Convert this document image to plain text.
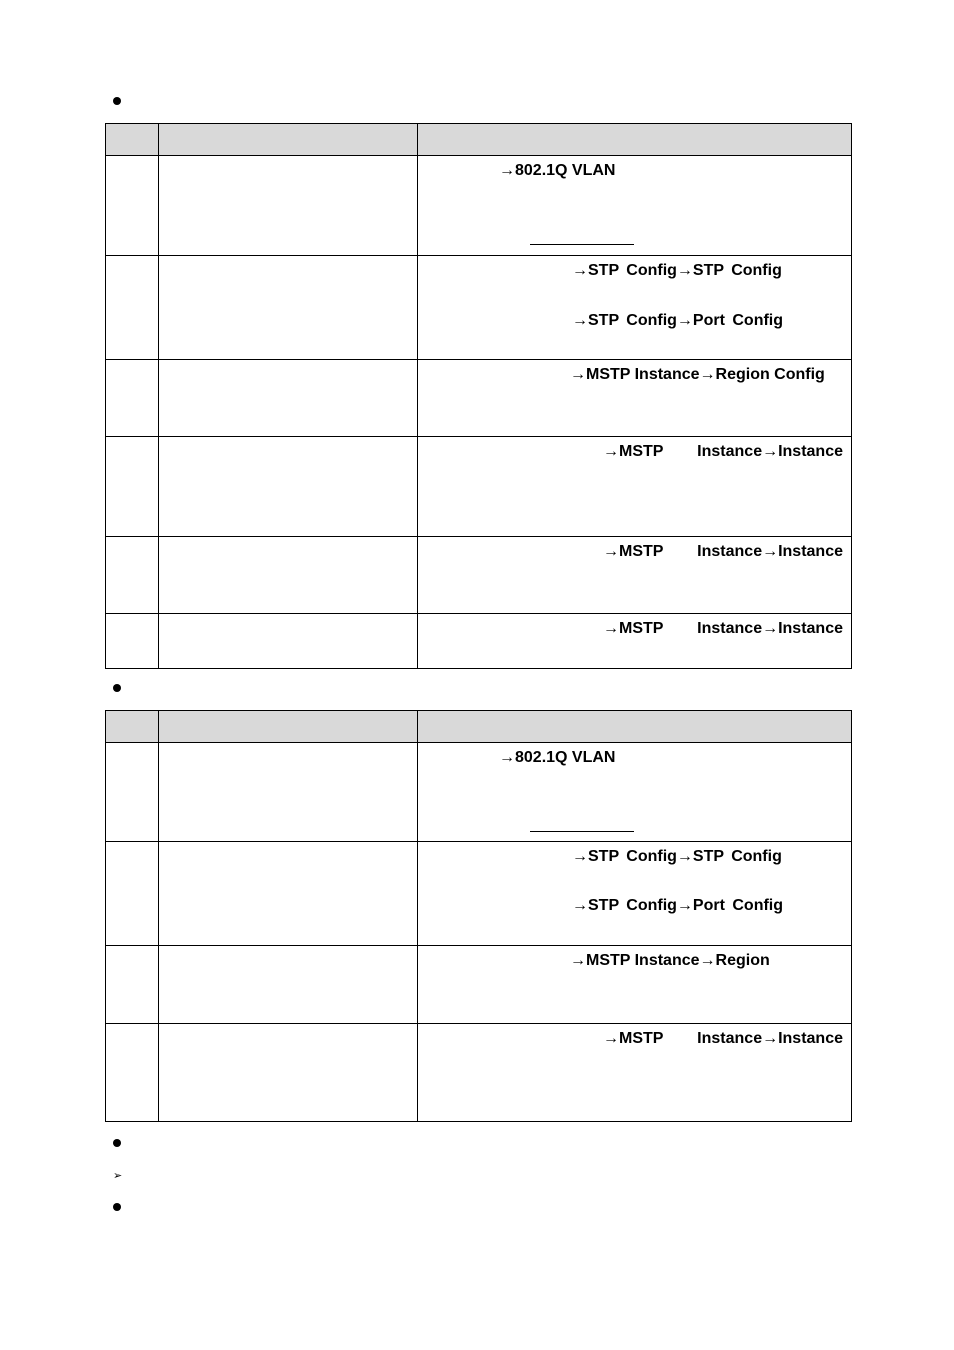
		→802.1Q VLAN

		→STP Config→STP Config
→STP Config→Port Config

		→MSTP Instance→Region Config

		→MSTP Instance→Instance

		→MSTP Instance→Instance

		→MSTP Instance→Instance

		→802.1Q VLAN

		→STP Config→STP Config
→STP Config→Port Config

		→MSTP Instance→Region

		→MSTP Instance→Instance
➢
